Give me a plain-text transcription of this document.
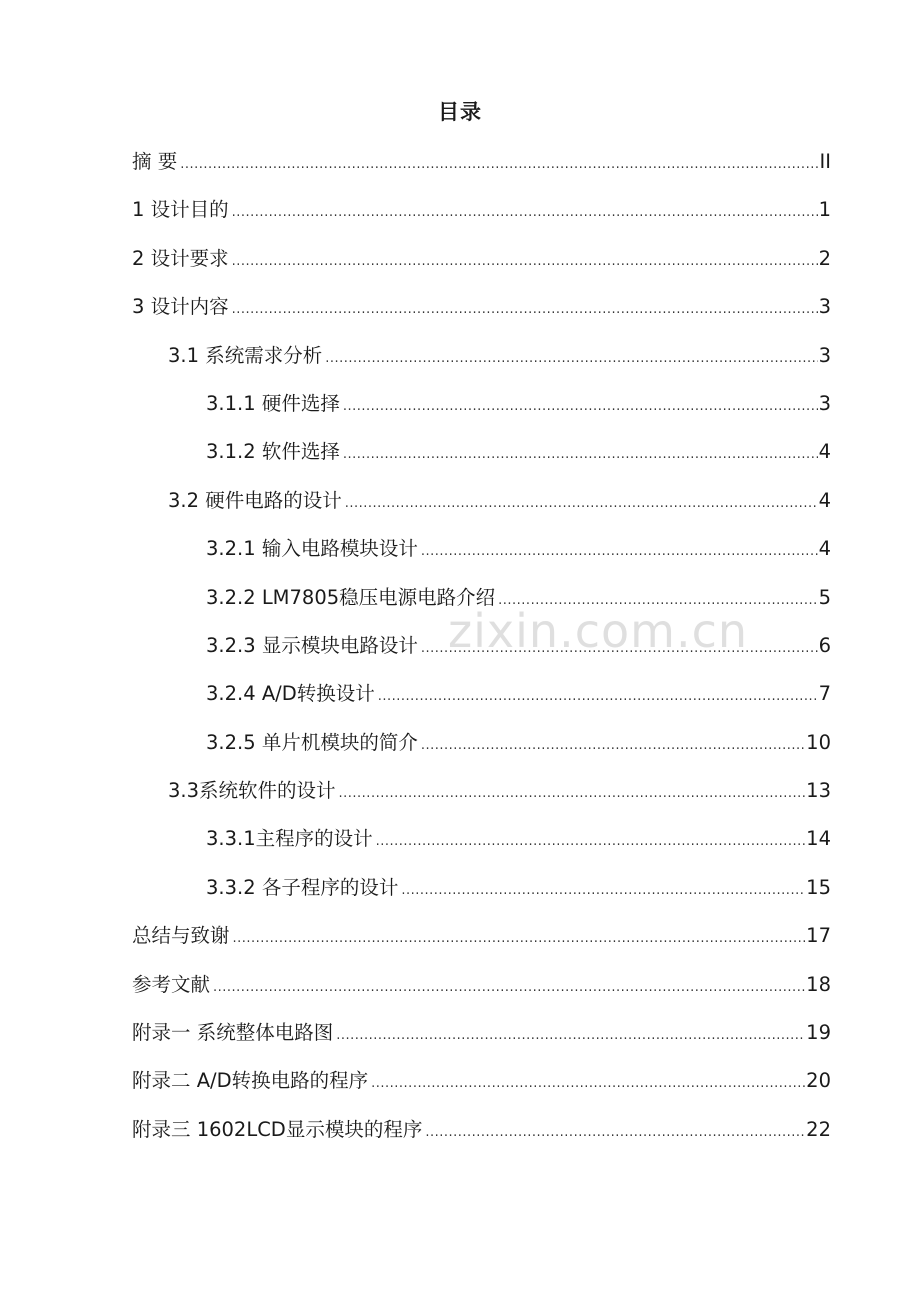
目录
摘 要 .....	II
1 设计目的 .....	1
2 设计要求 .....	2
3 设计内容 .....	3
3.1 系统需求分析 .....	3
3.1.1 硬件选择 .....	3
3.1.2 软件选择 .....	4
3.2 硬件电路的设计 .....	4
3.2.1 输入电路模块设计 .....	4
3.2.2 LM7805稳压电源电路介绍 .....	5
3.2.3 显示模块电路设计 .....	6
3.2.4 A/D转换设计 .....	7
3.2.5 单片机模块的简介 .....	10
3.3系统软件的设计 .....	13
3.3.1主程序的设计 .....	14
3.3.2 各子程序的设计 .....	15
总结与致谢 .....	17
参考文献 .....	18
附录一 系统整体电路图 .....	19
附录二 A/D转换电路的程序 .....	20
附录三 1602LCD显示模块的程序 .....	22
zixin.com.cn
